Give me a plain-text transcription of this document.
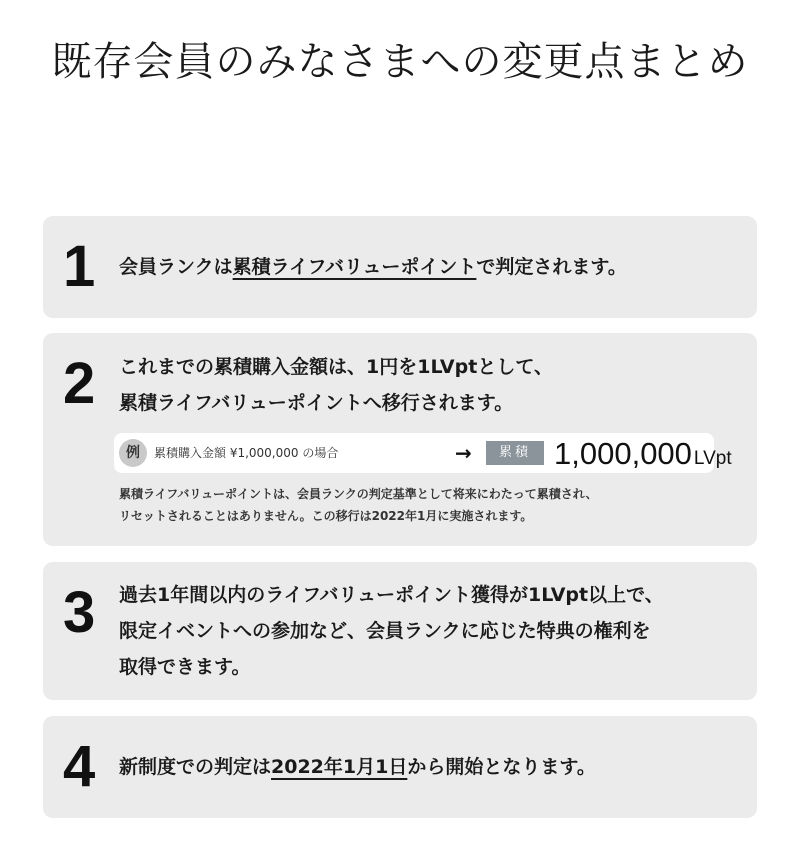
既存会員のみなさまへの変更点まとめ
1 会員ランクは累積ライフバリューポイントで判定されます。
2 これまでの累積購入金額は、1円を1LVptとして、
累積ライフバリューポイントへ移行されます。
例	累積購入金額 ¥1,000,000 の場合	→	累積 1,000,000 LVpt
累積ライフバリューポイントは、会員ランクの判定基準として将来にわたって累積され、
リセットされることはありません。この移行は2022年1月に実施されます。
3 過去1年間以内のライフバリューポイント獲得が1LVpt以上で、
限定イベントへの参加など、会員ランクに応じた特典の権利を
取得できます。
4 新制度での判定は2022年1月1日から開始となります。
